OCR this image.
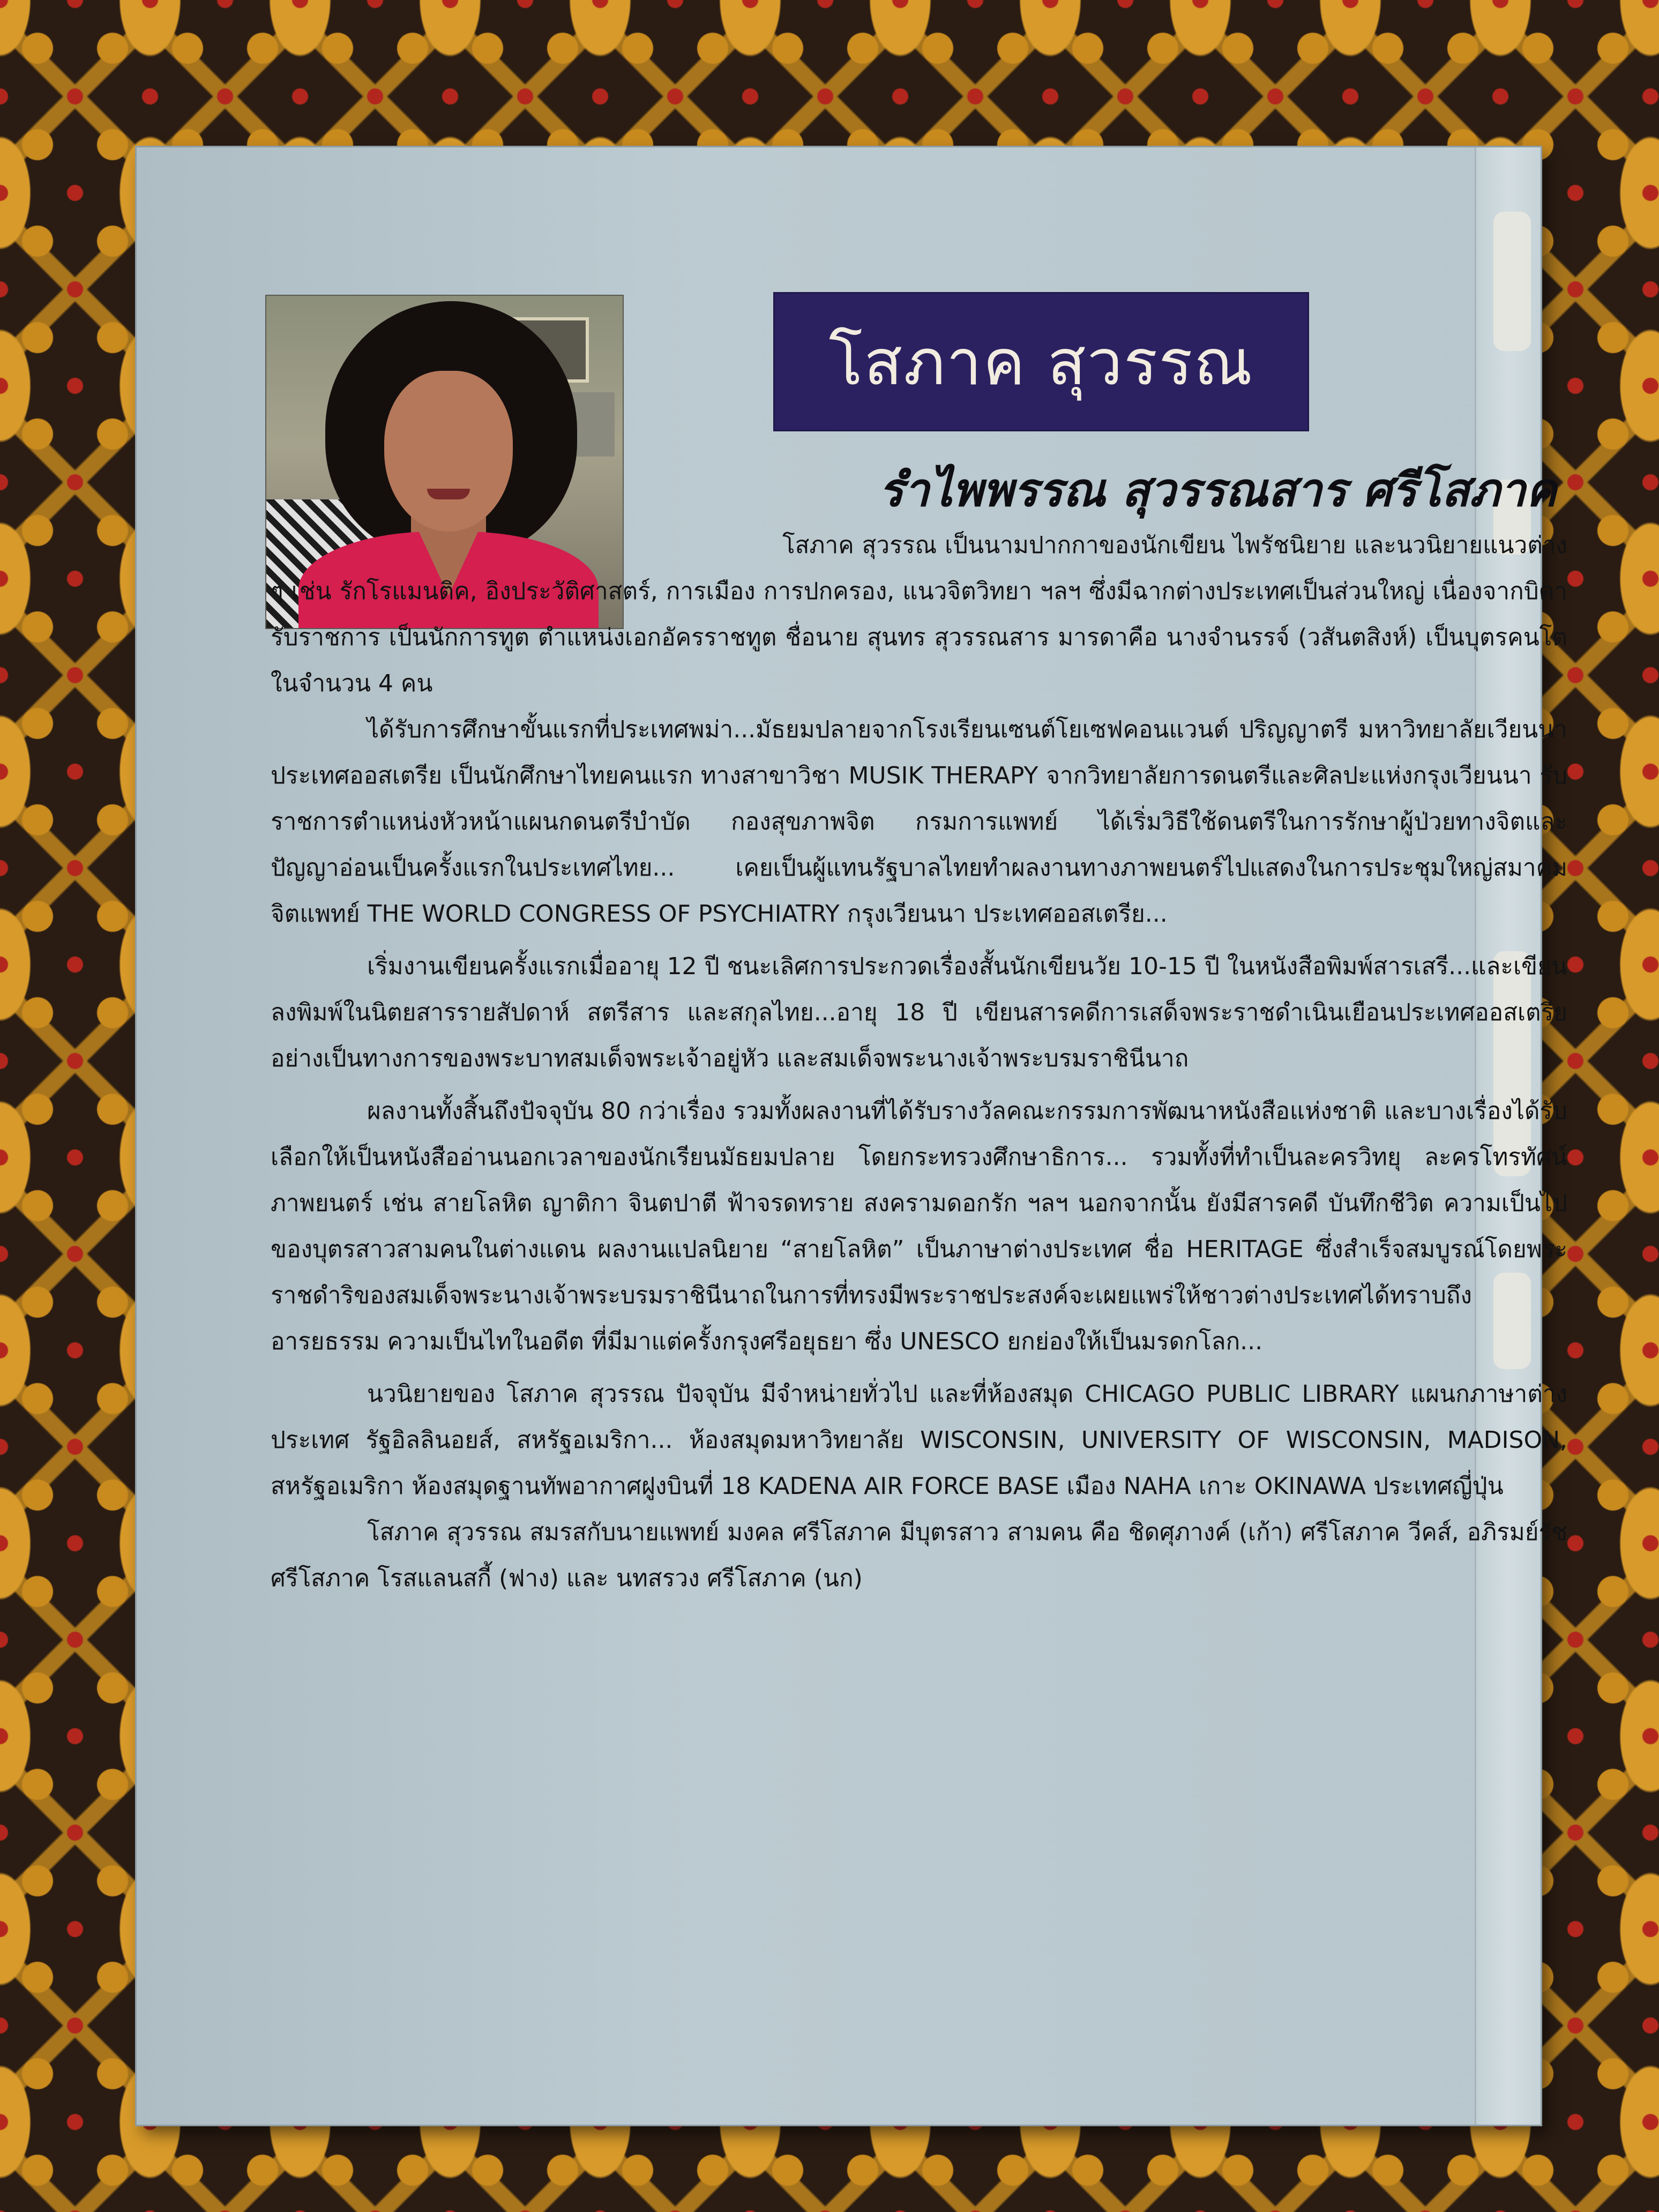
โสภาค สุวรรณ
รำไพพรรณ สุวรรณสาร ศรีโสภาค

โสภาค สุวรรณ เป็นนามปากกาของนักเขียน ไพรัชนิยาย และนวนิยายแนวต่าง ๆ เช่น รักโรแมนติค, อิงประวัติศาสตร์, การเมือง การปกครอง, แนวจิตวิทยา ฯลฯ ซึ่งมีฉากต่างประเทศเป็นส่วนใหญ่ เนื่องจากบิดารับราชการ เป็นนักการทูต ตำแหน่งเอกอัครราชทูต ชื่อนาย สุนทร สุวรรณสาร มารดาคือ นางจำนรรจ์ (วสันตสิงห์) เป็นบุตรคนโตในจำนวน 4 คน

ได้รับการศึกษาขั้นแรกที่ประเทศพม่า...มัธยมปลายจากโรงเรียนเซนต์โยเซฟคอนแวนต์ ปริญญาตรี มหาวิทยาลัยเวียนนา ประเทศออสเตรีย เป็นนักศึกษาไทยคนแรก ทางสาขาวิชา MUSIK THERAPY จากวิทยาลัยการดนตรีและศิลปะแห่งกรุงเวียนนา รับราชการตำแหน่งหัวหน้าแผนกดนตรีบำบัด กองสุขภาพจิต กรมการแพทย์ ได้เริ่มวิธีใช้ดนตรีในการรักษาผู้ป่วยทางจิตและปัญญาอ่อนเป็นครั้งแรกในประเทศไทย... เคยเป็นผู้แทนรัฐบาลไทยทำผลงานทางภาพยนตร์ไปแสดงในการประชุมใหญ่สมาคมจิตแพทย์ THE WORLD CONGRESS OF PSYCHIATRY กรุงเวียนนา ประเทศออสเตรีย...

เริ่มงานเขียนครั้งแรกเมื่ออายุ 12 ปี ชนะเลิศการประกวดเรื่องสั้นนักเขียนวัย 10-15 ปี ในหนังสือพิมพ์สารเสรี...และเขียนลงพิมพ์ในนิตยสารรายสัปดาห์ สตรีสาร และสกุลไทย...อายุ 18 ปี เขียนสารคดีการเสด็จพระราชดำเนินเยือนประเทศออสเตรียอย่างเป็นทางการของพระบาทสมเด็จพระเจ้าอยู่หัว และสมเด็จพระนางเจ้าพระบรมราชินีนาถ

ผลงานทั้งสิ้นถึงปัจจุบัน 80 กว่าเรื่อง รวมทั้งผลงานที่ได้รับรางวัลคณะกรรมการพัฒนาหนังสือแห่งชาติ และบางเรื่องได้รับเลือกให้เป็นหนังสืออ่านนอกเวลาของนักเรียนมัธยมปลาย โดยกระทรวงศึกษาธิการ... รวมทั้งที่ทำเป็นละครวิทยุ ละครโทรทัศน์ ภาพยนตร์ เช่น สายโลหิต ญาติกา จินตปาตี ฟ้าจรดทราย สงครามดอกรัก ฯลฯ นอกจากนั้น ยังมีสารคดี บันทึกชีวิต ความเป็นไปของบุตรสาวสามคนในต่างแดน ผลงานแปลนิยาย “สายโลหิต” เป็นภาษาต่างประเทศ ชื่อ HERITAGE ซึ่งสำเร็จสมบูรณ์โดยพระราชดำริของสมเด็จพระนางเจ้าพระบรมราชินีนาถในการที่ทรงมีพระราชประสงค์จะเผยแพร่ให้ชาวต่างประเทศได้ทราบถึงอารยธรรม ความเป็นไทในอดีต ที่มีมาแต่ครั้งกรุงศรีอยุธยา ซึ่ง UNESCO ยกย่องให้เป็นมรดกโลก...

นวนิยายของ โสภาค สุวรรณ ปัจจุบัน มีจำหน่ายทั่วไป และที่ห้องสมุด CHICAGO PUBLIC LIBRARY แผนกภาษาต่างประเทศ รัฐอิลลินอยส์, สหรัฐอเมริกา... ห้องสมุดมหาวิทยาลัย WISCONSIN, UNIVERSITY OF WISCONSIN, MADISON, สหรัฐอเมริกา ห้องสมุดฐานทัพอากาศฝูงบินที่ 18 KADENA AIR FORCE BASE เมือง NAHA เกาะ OKINAWA ประเทศญี่ปุ่น

โสภาค สุวรรณ สมรสกับนายแพทย์ มงคล ศรีโสภาค มีบุตรสาว สามคน คือ ชิดศุภางค์ (เก้า) ศรีโสภาค วีคส์, อภิรมย์รัช ศรีโสภาค โรสแลนสกี้ (ฟาง) และ นทสรวง ศรีโสภาค (นก)
